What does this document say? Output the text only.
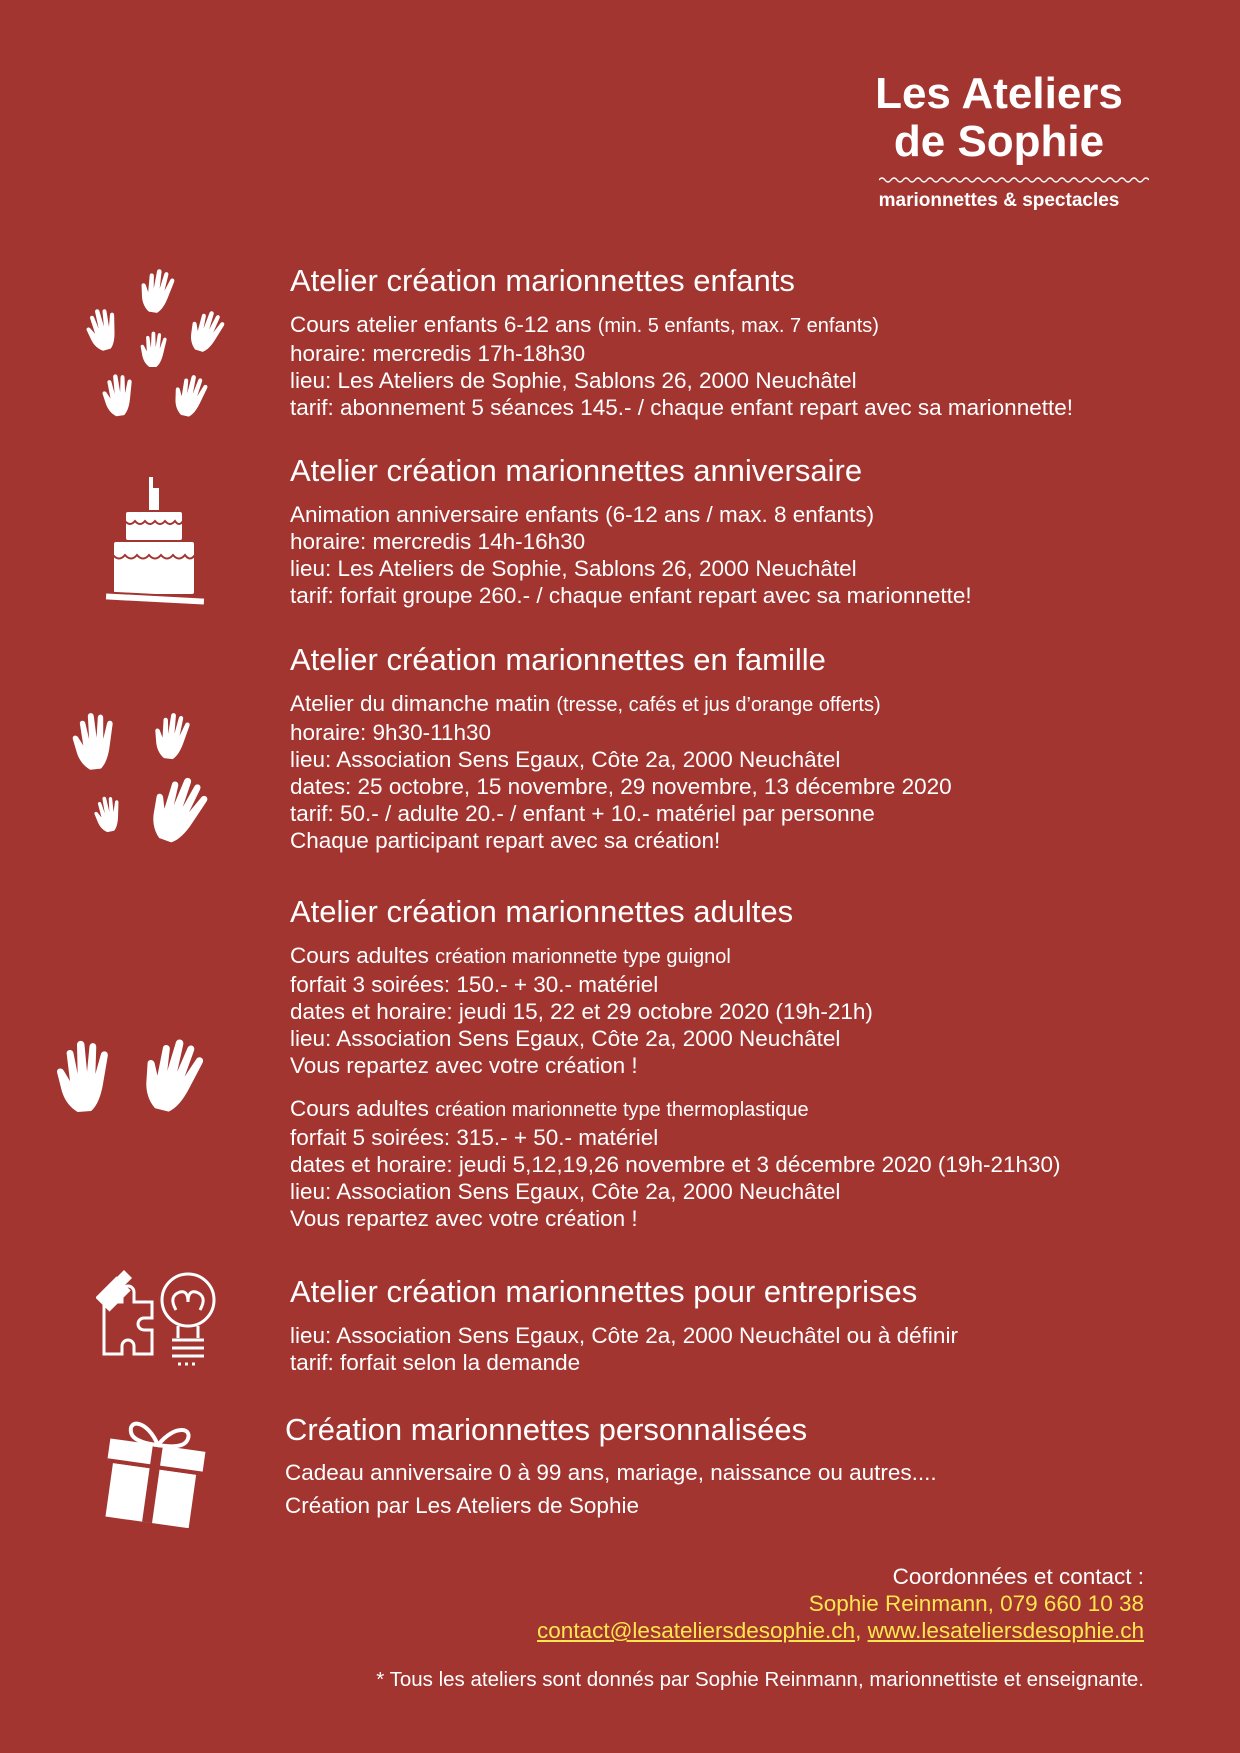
Les Ateliers
de Sophie
marionnettes & spectacles
Atelier création marionnettes enfants
Cours atelier enfants 6-12 ans (min. 5 enfants, max. 7 enfants)
horaire: mercredis 17h-18h30
lieu: Les Ateliers de Sophie, Sablons 26, 2000 Neuchâtel
tarif: abonnement 5 séances 145.- / chaque enfant repart avec sa marionnette!
Atelier création marionnettes anniversaire
Animation anniversaire enfants (6-12 ans / max. 8 enfants)
horaire: mercredis 14h-16h30
lieu: Les Ateliers de Sophie, Sablons 26, 2000 Neuchâtel
tarif: forfait groupe 260.- / chaque enfant repart avec sa marionnette!
Atelier création marionnettes en famille
Atelier du dimanche matin (tresse, cafés et jus d’orange offerts)
horaire: 9h30-11h30
lieu: Association Sens Egaux, Côte 2a, 2000 Neuchâtel
dates: 25 octobre, 15 novembre, 29 novembre, 13 décembre 2020
tarif: 50.- / adulte 20.- / enfant + 10.- matériel par personne
Chaque participant repart avec sa création!
Atelier création marionnettes adultes
Cours adultes création marionnette type guignol
forfait 3 soirées: 150.- + 30.- matériel
dates et horaire: jeudi 15, 22 et 29 octobre 2020 (19h-21h)
lieu: Association Sens Egaux, Côte 2a, 2000 Neuchâtel
Vous repartez avec votre création !
Cours adultes création marionnette type thermoplastique
forfait 5 soirées: 315.- + 50.- matériel
dates et horaire: jeudi 5,12,19,26 novembre et 3 décembre 2020 (19h-21h30)
lieu: Association Sens Egaux, Côte 2a, 2000 Neuchâtel
Vous repartez avec votre création !
Atelier création marionnettes pour entreprises
lieu: Association Sens Egaux, Côte 2a, 2000 Neuchâtel ou à définir
tarif: forfait selon la demande
Création marionnettes personnalisées
Cadeau anniversaire 0 à 99 ans, mariage, naissance ou autres....
Création par Les Ateliers de Sophie
Coordonnées et contact :
Sophie Reinmann, 079 660 10 38
contact@lesateliersdesophie.ch, www.lesateliersdesophie.ch
* Tous les ateliers sont donnés par Sophie Reinmann, marionnettiste et enseignante.
